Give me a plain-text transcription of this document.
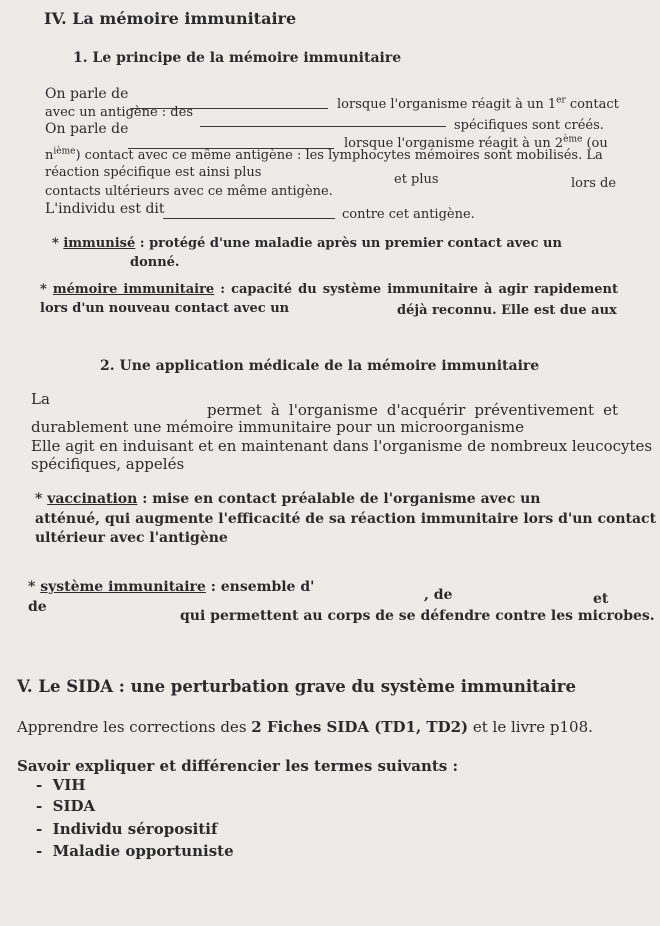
IV. La mémoire immunitaire
1. Le principe de la mémoire immunitaire
On parle de
lorsque l'organisme réagit à un 1er contact
avec un antigène : des
spécifiques sont créés.
On parle de
lorsque l'organisme réagit à un 2ème (ou
$n^{ième}$) contact avec ce même antigène : les lymphocytes mémoires sont mobilisés. La
réaction spécifique est ainsi plus	et plus	lors de
contacts ultérieurs avec ce même antigène.
L'individu est dit	contre cet antigène.
* immunisé : protégé d'une maladie après un premier contact avec un
donné.
* mémoire immunitaire : capacité du système immunitaire à agir rapidement
lors d'un nouveau contact avec un	déjà reconnu. Elle est due aux
2. Une application médicale de la mémoire immunitaire
La
permet à l'organisme d'acquérir préventivement et
durablement une mémoire immunitaire pour un microorganisme
Elle agit en induisant et en maintenant dans l'organisme de nombreux leucocytes
spécifiques, appelés
* vaccination : mise en contact préalable de l'organisme avec un
atténué, qui augmente l'efficacité de sa réaction immunitaire lors d'un contact
ultérieur avec l'antigène
* système immunitaire : ensemble d'	, de	et
de
qui permettent au corps de se défendre contre les microbes.
V. Le SIDA : une perturbation grave du système immunitaire
Apprendre les corrections des 2 Fiches SIDA (TD1, TD2) et le livre p108.
Savoir expliquer et différencier les termes suivants :
-  VIH
-  SIDA
-  Individu séropositif
-  Maladie opportuniste
